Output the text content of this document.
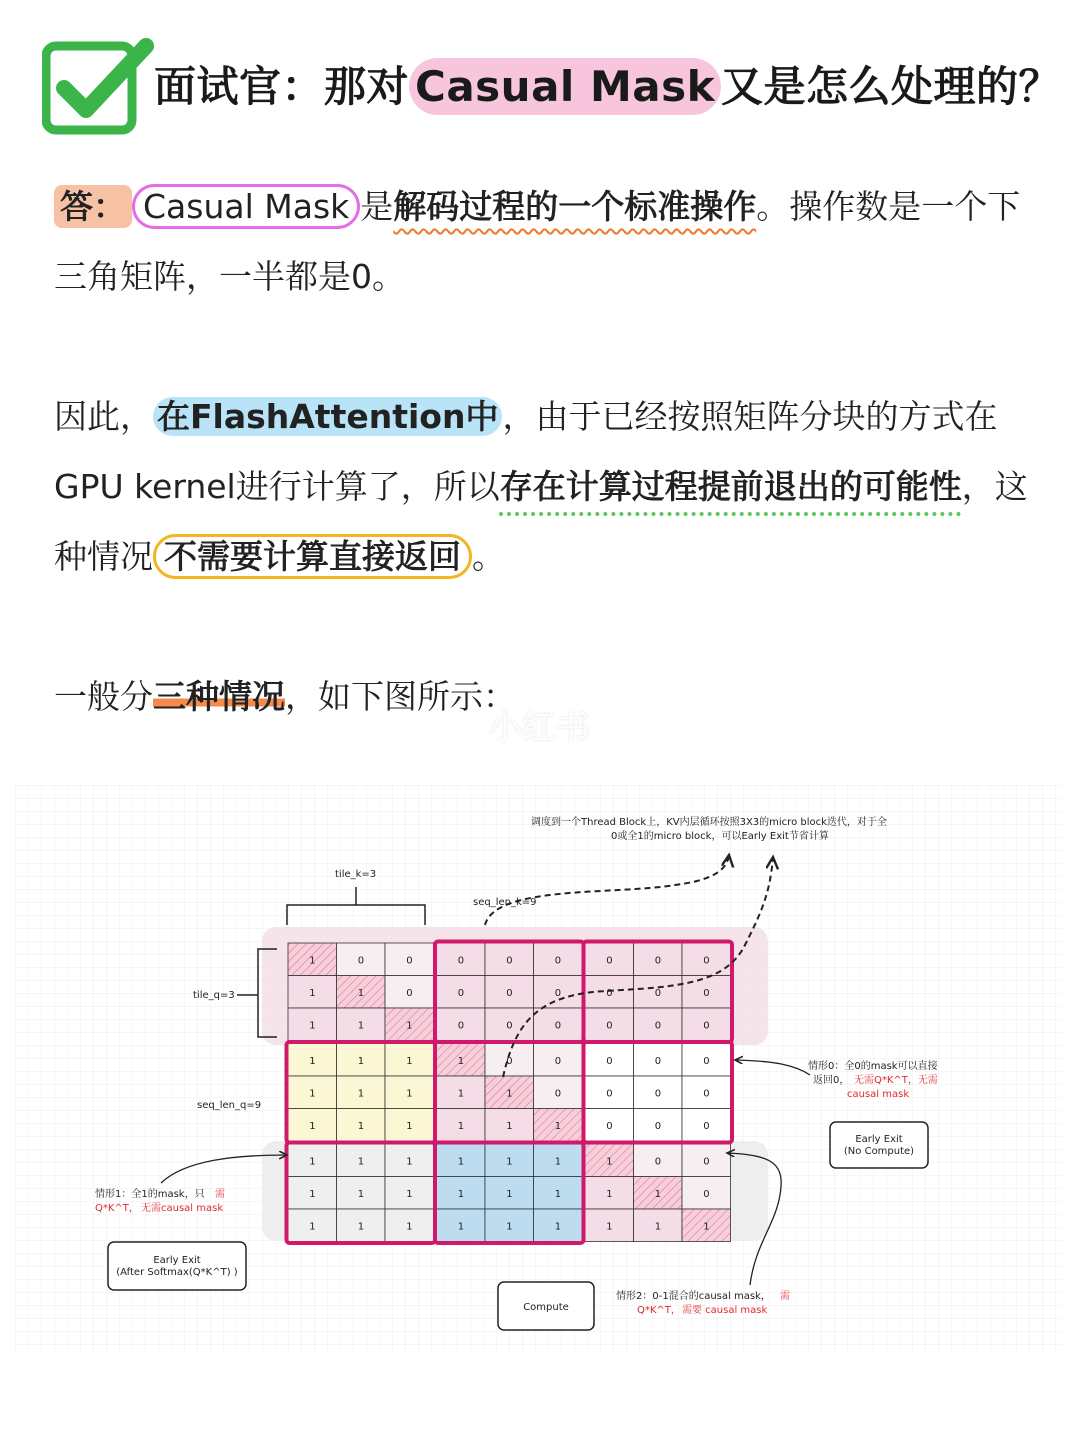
面试官：那对 Casual Mask 又是怎么处理的？
答： Casual Mask 是解码过程的一个标准操作。操作数是一个下三角矩阵，一半都是0。
因此， 在FlashAttention中 ，由于已经按照矩阵分块的方式在GPU kernel进行计算了，所以存在计算过程提前退出的可能性，这种情况 不需要计算直接返回 。
一般分三种情况，如下图所示：
小红书
1	0	0	0	0	0	0	0	0
1	1	0	0	0	0	0	0	0
1	1	1	0	0	0	0	0	0
1	1	1	1	0	0	0	0	0
1	1	1	1	1	0	0	0	0
1	1	1	1	1	1	0	0	0
1	1	1	1	1	1	1	0	0
1	1	1	1	1	1	1	1	0
1	1	1	1	1	1	1	1	1
tile_k=3
seq_len_k=9
tile_q=3
seq_len_q=9
调度到一个Thread Block上，KV内层循环按照3X3的micro block迭代，对于全
0或全1的micro block，可以Early Exit节省计算
情形0：全0的mask可以直接
返回0， 无需Q*K^T，无需
causal mask
Early Exit
(No Compute)
情形1：全1的mask，只 需
Q*K^T， 无需causal mask
Early Exit
(After Softmax(Q*K^T) )
情形2：0-1混合的causal mask， 需
Q*K^T， 需要 causal mask
Compute
